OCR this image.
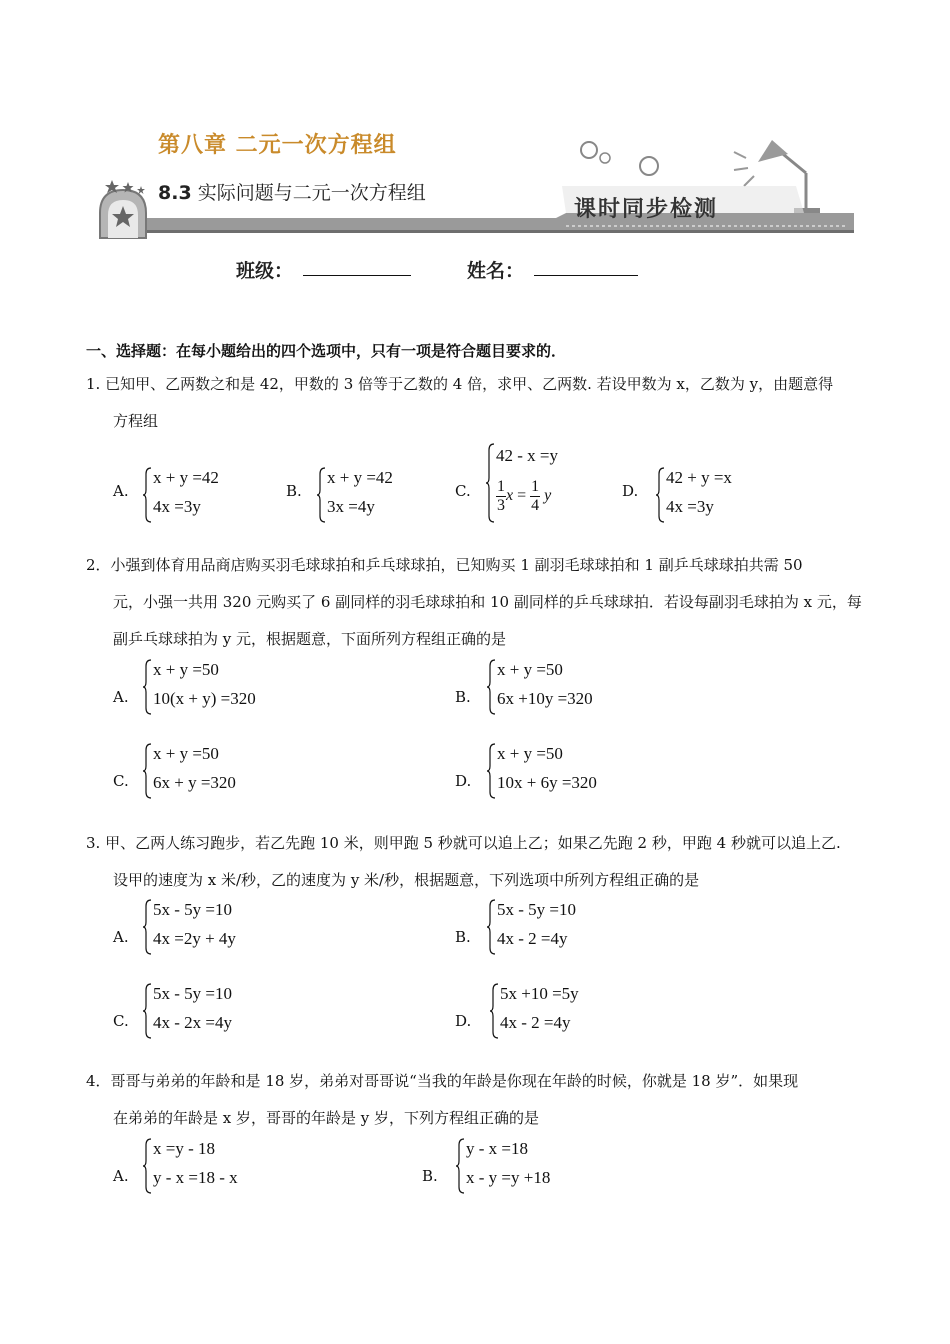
第八章 二元一次方程组
8.3 实际问题与二元一次方程组
课时同步检测
班级：	姓名：
一、选择题：在每小题给出的四个选项中，只有一项是符合题目要求的．
1. 已知甲、乙两数之和是 42，甲数的 3 倍等于乙数的 4 倍，求甲、乙两数. 若设甲数为 x，乙数为 y，由题意得
方程组
A.
x + y =42
4x =3y
B.
x + y =42
3x =4y
C.
42 - x =y
$\frac{1}{3}$ $x = \frac{1}{4}$ y	D.
42 + y =x
4x =3y
2．小强到体育用品商店购买羽毛球球拍和乒乓球球拍，已知购买 1 副羽毛球球拍和 1 副乒乓球球拍共需 50
元，小强一共用 320 元购买了 6 副同样的羽毛球球拍和 10 副同样的乒乓球球拍．若设每副羽毛球拍为 x 元，每
副乒乓球球拍为 y 元，根据题意，下面所列方程组正确的是
A.
x + y =50
10(x + y) =320	B.
x + y =50
6x +10y =320
C.
x + y =50
6x + y =320	D.
x + y =50
10x + 6y =320
3. 甲、乙两人练习跑步，若乙先跑 10 米，则甲跑 5 秒就可以追上乙；如果乙先跑 2 秒，甲跑 4 秒就可以追上乙.
设甲的速度为 x 米/秒，乙的速度为 y 米/秒，根据题意，下列选项中所列方程组正确的是
A.
5x - 5y =10
4x =2y + 4y	B.
5x - 5y =10
4x - 2 =4y
C.
5x - 5y =10
4x - 2x =4y	D.
5x +10 =5y
4x - 2 =4y
4．哥哥与弟弟的年龄和是 18 岁，弟弟对哥哥说“当我的年龄是你现在年龄的时候，你就是 18 岁”．如果现
在弟弟的年龄是 x 岁，哥哥的年龄是 y 岁，下列方程组正确的是
A.
x =y - 18
y - x =18 - x	B.
y - x =18
x - y =y +18
